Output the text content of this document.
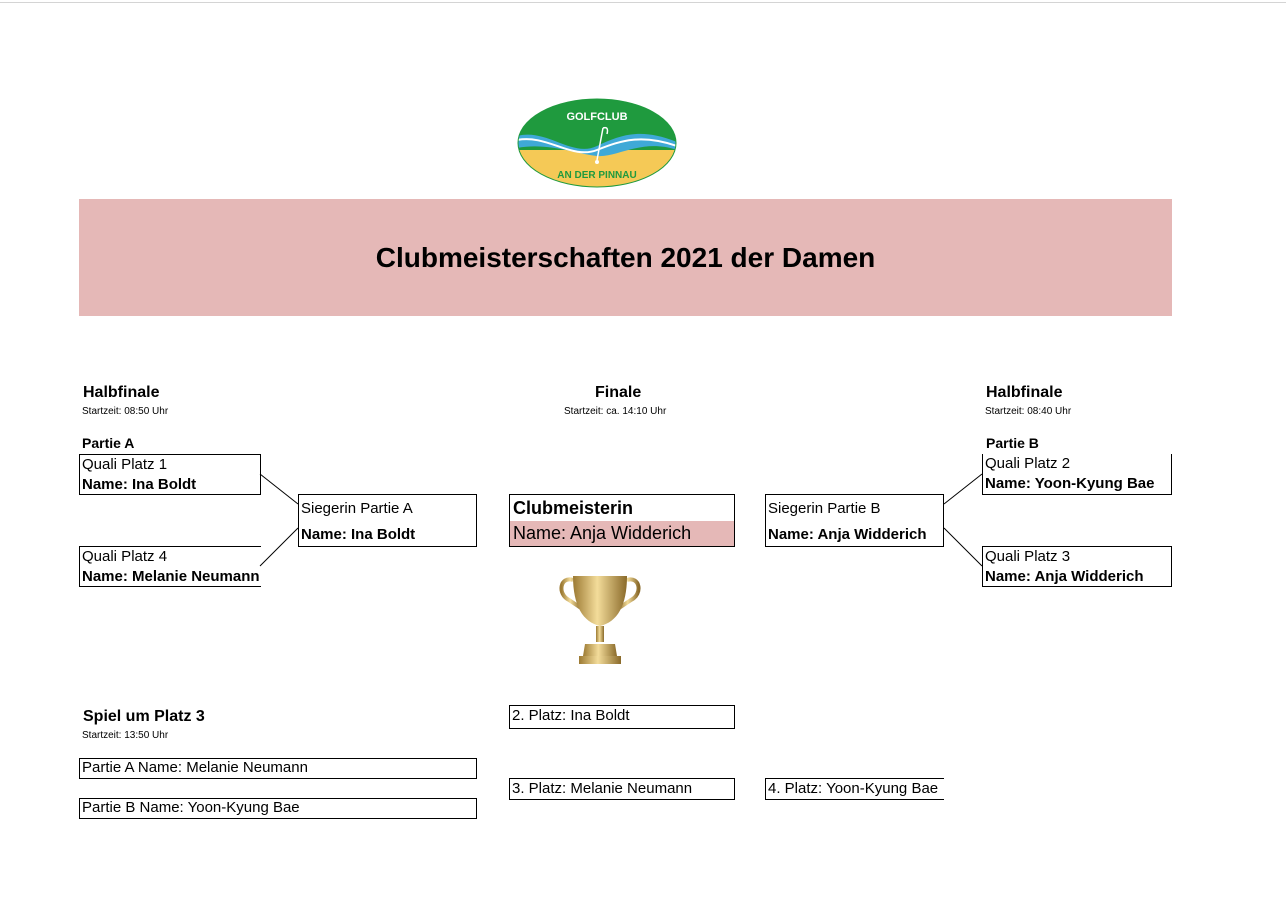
GOLFCLUB
AN DER PINNAU
Clubmeisterschaften 2021 der Damen
Halbfinale
Startzeit: 08:50 Uhr
Partie A
Quali Platz 1
Name: Ina Boldt
Quali Platz 4
Name: Melanie Neumann
Siegerin Partie A
Name: Ina Boldt
Finale
Startzeit: ca. 14:10 Uhr
Clubmeisterin
Name: Anja Widderich
2. Platz: Ina Boldt
3. Platz: Melanie Neumann
Halbfinale
Startzeit: 08:40 Uhr
Partie B
Siegerin Partie B
Name: Anja Widderich
Quali Platz 2
Name: Yoon-Kyung Bae
Quali Platz 3
Name: Anja Widderich
4. Platz: Yoon-Kyung Bae
Spiel um Platz 3
Startzeit: 13:50 Uhr
Partie A Name: Melanie Neumann
Partie B Name: Yoon-Kyung Bae
